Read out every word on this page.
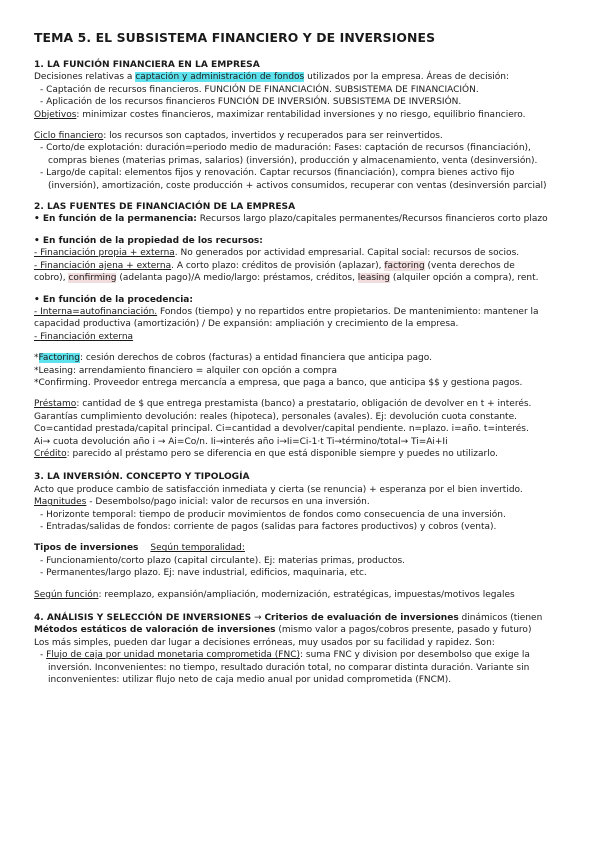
TEMA 5. EL SUBSISTEMA FINANCIERO Y DE INVERSIONES
1. LA FUNCIÓN FINANCIERA EN LA EMPRESA
Decisiones relativas a captación y administración de fondos utilizados por la empresa. Áreas de decisión:
- Captación de recursos financieros. FUNCIÓN DE FINANCIACIÓN. SUBSISTEMA DE FINANCIACIÓN.
- Aplicación de los recursos financieros FUNCIÓN DE INVERSIÓN. SUBSISTEMA DE INVERSIÓN.
Objetivos: minimizar costes financieros, maximizar rentabilidad inversiones y no riesgo, equilibrio financiero.
Ciclo financiero: los recursos son captados, invertidos y recuperados para ser reinvertidos.
- Corto/de explotación: duración=periodo medio de maduración: Fases: captación de recursos (financiación),
compras bienes (materias primas, salarios) (inversión), producción y almacenamiento, venta (desinversión).
- Largo/de capital: elementos fijos y renovación. Captar recursos (financiación), compra bienes activo fijo
(inversión), amortización, coste producción + activos consumidos, recuperar con ventas (desinversión parcial)
2. LAS FUENTES DE FINANCIACIÓN DE LA EMPRESA
• En función de la permanencia: Recursos largo plazo/capitales permanentes/Recursos financieros corto plazo
• En función de la propiedad de los recursos:
- Financiación propia + externa. No generados por actividad empresarial. Capital social: recursos de socios.
- Financiación ajena + externa. A corto plazo: créditos de provisión (aplazar), factoring (venta derechos de
cobro), confirming (adelanta pago)/A medio/largo: préstamos, créditos, leasing (alquiler opción a compra), rent.
• En función de la procedencia:
- Interna=autofinanciación. Fondos (tiempo) y no repartidos entre propietarios. De mantenimiento: mantener la
capacidad productiva (amortización) / De expansión: ampliación y crecimiento de la empresa.
- Financiación externa
*Factoring: cesión derechos de cobros (facturas) a entidad financiera que anticipa pago.
*Leasing: arrendamiento financiero = alquiler con opción a compra
*Confirming. Proveedor entrega mercancía a empresa, que paga a banco, que anticipa $$ y gestiona pagos.
Préstamo: cantidad de $ que entrega prestamista (banco) a prestatario, obligación de devolver en t + interés.
Garantías cumplimiento devolución: reales (hipoteca), personales (avales). Ej: devolución cuota constante.
Co=cantidad prestada/capital principal. Ci=cantidad a devolver/capital pendiente. n=plazo. i=año. t=interés.
Ai→ cuota devolución año i → Ai=Co/n. Ii→interés año i→Ii=Ci-1·t Ti→término/total→ Ti=Ai+Ii
Crédito: parecido al préstamo pero se diferencia en que está disponible siempre y puedes no utilizarlo.
3. LA INVERSIÓN. CONCEPTO Y TIPOLOGÍA
Acto que produce cambio de satisfacción inmediata y cierta (se renuncia) + esperanza por el bien invertido.
Magnitudes - Desembolso/pago inicial: valor de recursos en una inversión.
- Horizonte temporal: tiempo de producir movimientos de fondos como consecuencia de una inversión.
- Entradas/salidas de fondos: corriente de pagos (salidas para factores productivos) y cobros (venta).
Tipos de inversiones Según temporalidad:
- Funcionamiento/corto plazo (capital circulante). Ej: materias primas, productos.
- Permanentes/largo plazo. Ej: nave industrial, edificios, maquinaria, etc.
Según función: reemplazo, expansión/ampliación, modernización, estratégicas, impuestas/motivos legales
4. ANÁLISIS Y SELECCIÓN DE INVERSIONES → Criterios de evaluación de inversiones dinámicos (tienen
Métodos estáticos de valoración de inversiones (mismo valor a pagos/cobros presente, pasado y futuro)
Los más simples, pueden dar lugar a decisiones erróneas, muy usados por su facilidad y rapidez. Son:
- Flujo de caja por unidad monetaria comprometida (FNC): suma FNC y division por desembolso que exige la
inversión. Inconvenientes: no tiempo, resultado duración total, no comparar distinta duración. Variante sin
inconvenientes: utilizar flujo neto de caja medio anual por unidad comprometida (FNCM).
